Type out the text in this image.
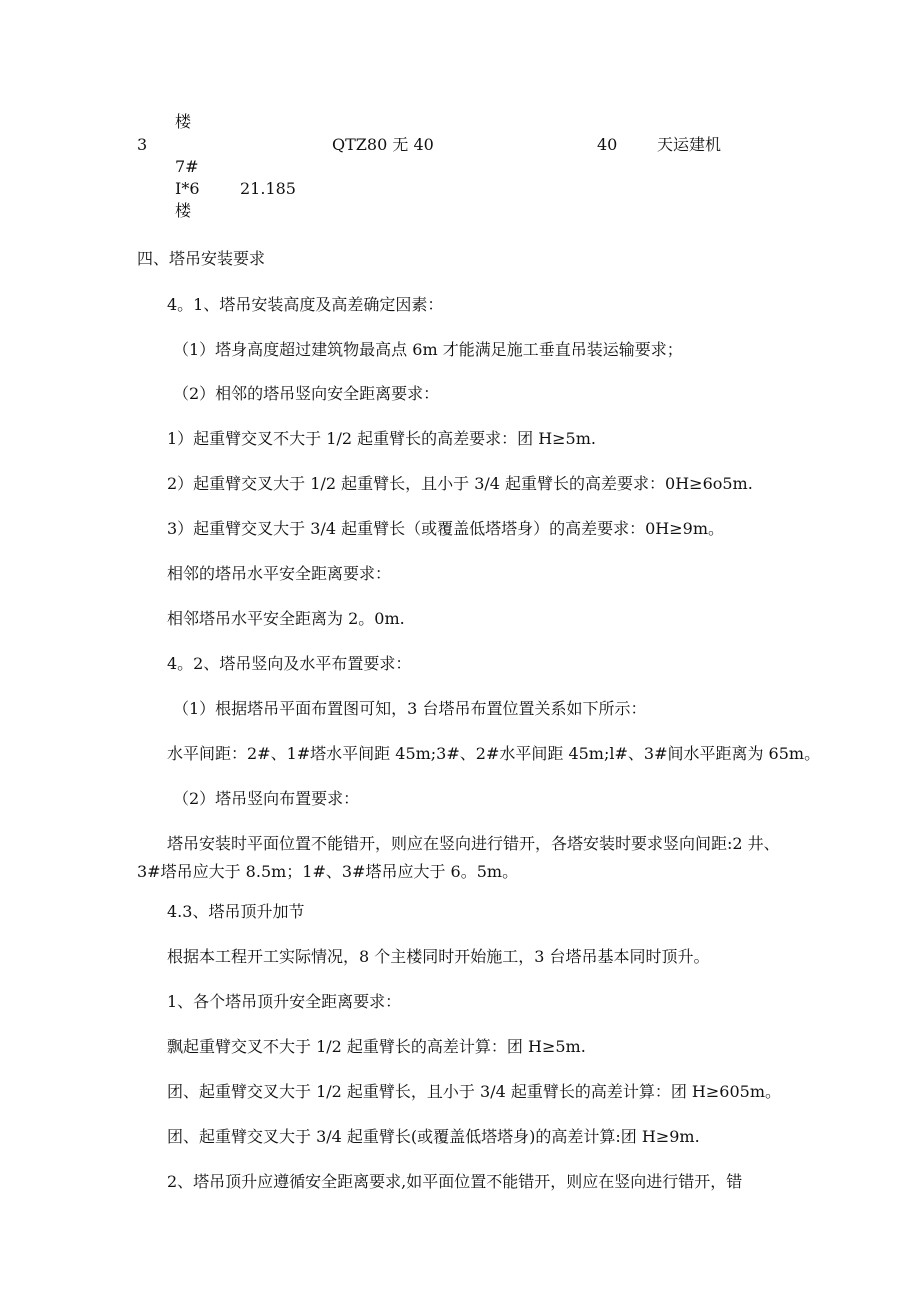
楼
3	QTZ80 无 40	40 天运建机
7#
I*6	21.185
楼
四、塔吊安装要求
4。1、塔吊安装高度及高差确定因素：
（1）塔身高度超过建筑物最高点 6m 才能满足施工垂直吊装运输要求；
（2）相邻的塔吊竖向安全距离要求：
1）起重臂交叉不大于 1/2 起重臂长的高差要求：团 H≥5m.
2）起重臂交叉大于 1/2 起重臂长，且小于 3/4 起重臂长的高差要求：0H≥6o5m.
3）起重臂交叉大于 3/4 起重臂长（或覆盖低塔塔身）的高差要求：0H≥9m。
相邻的塔吊水平安全距离要求：
相邻塔吊水平安全距离为 2。0m.
4。2、塔吊竖向及水平布置要求：
（1）根据塔吊平面布置图可知，3 台塔吊布置位置关系如下所示：
水平间距：2#、1#塔水平间距 45m;3#、2#水平间距 45m;l#、3#间水平距离为 65m。
（2）塔吊竖向布置要求：
塔吊安装时平面位置不能错开，则应在竖向进行错开，各塔安装时要求竖向间距:2 井、3#塔吊应大于 8.5m；1#、3#塔吊应大于 6。5m。
4.3、塔吊顶升加节
根据本工程开工实际情况，8 个主楼同时开始施工，3 台塔吊基本同时顶升。
1、各个塔吊顶升安全距离要求：
飘起重臂交叉不大于 1/2 起重臂长的高差计算：团 H≥5m.
团、起重臂交叉大于 1/2 起重臂长，且小于 3/4 起重臂长的高差计算：团 H≥605m。
团、起重臂交叉大于 3/4 起重臂长(或覆盖低塔塔身)的高差计算:团 H≥9m.
2、塔吊顶升应遵循安全距离要求,如平面位置不能错开，则应在竖向进行错开，错
